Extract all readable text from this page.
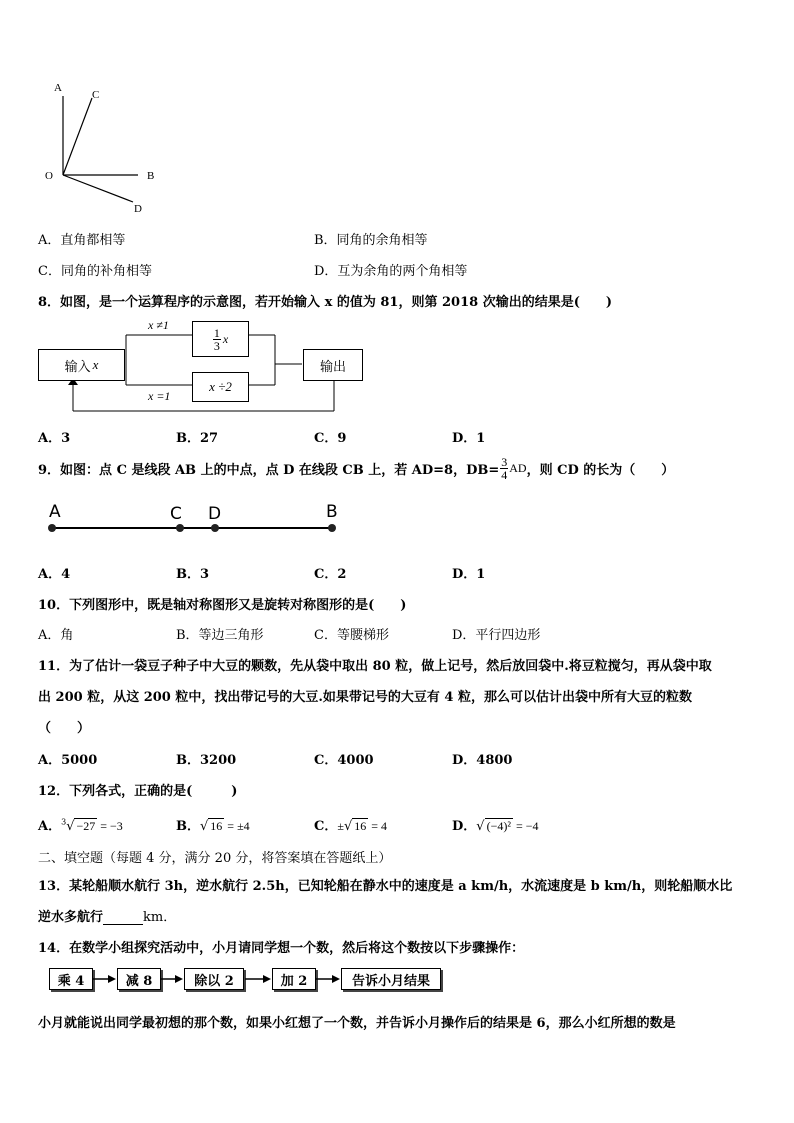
A
C
O	B
D
A．直角都相等	B．同角的余角相等
C．同角的补角相等	D．互为余角的两个角相等
8．如图，是一个运算程序的示意图，若开始输入 x 的值为 81，则第 2018 次输出的结果是(　　)
输入 x
x ≠1
$\frac{1}{3}$ x
x ÷2
x =1
输出
A．3	B．27	C．9	D．1
9．如图：点 C 是线段 AB 上的中点，点 D 在线段 CB 上，若 AD=8，$DB= \frac{3}{4}$ AD ，则 CD 的长为（　　）
A	C D	B
A．4	B．3	C．2	D．1
10．下列图形中，既是轴对称图形又是旋转对称图形的是(　　)
A．角	B．等边三角形	C．等腰梯形	D．平行四边形
11．为了估计一袋豆子种子中大豆的颗数，先从袋中取出 80 粒，做上记号，然后放回袋中.将豆粒搅匀，再从袋中取
出 200 粒，从这 200 粒中，找出带记号的大豆.如果带记号的大豆有 4 粒，那么可以估计出袋中所有大豆的粒数
（　　）
A．5000	B．3200	C．4000	D．4800
12．下列各式，正确的是(　　　)
A．$^3$√ −27 = −3	B．√ 16 = ±4	C．±√ 16 = 4	D．√ (−4)² = −4
二、填空题（每题 4 分，满分 20 分，将答案填在答题纸上）
13．某轮船顺水航行 3h，逆水航行 2.5h，已知轮船在静水中的速度是 a km/h，水流速度是 b km/h，则轮船顺水比
逆水多航行	km．
14．在数学小组探究活动中，小月请同学想一个数，然后将这个数按以下步骤操作：
乘 4	减 8	除以 2	加 2	告诉小月结果
小月就能说出同学最初想的那个数，如果小红想了一个数，并告诉小月操作后的结果是 6，那么小红所想的数是
